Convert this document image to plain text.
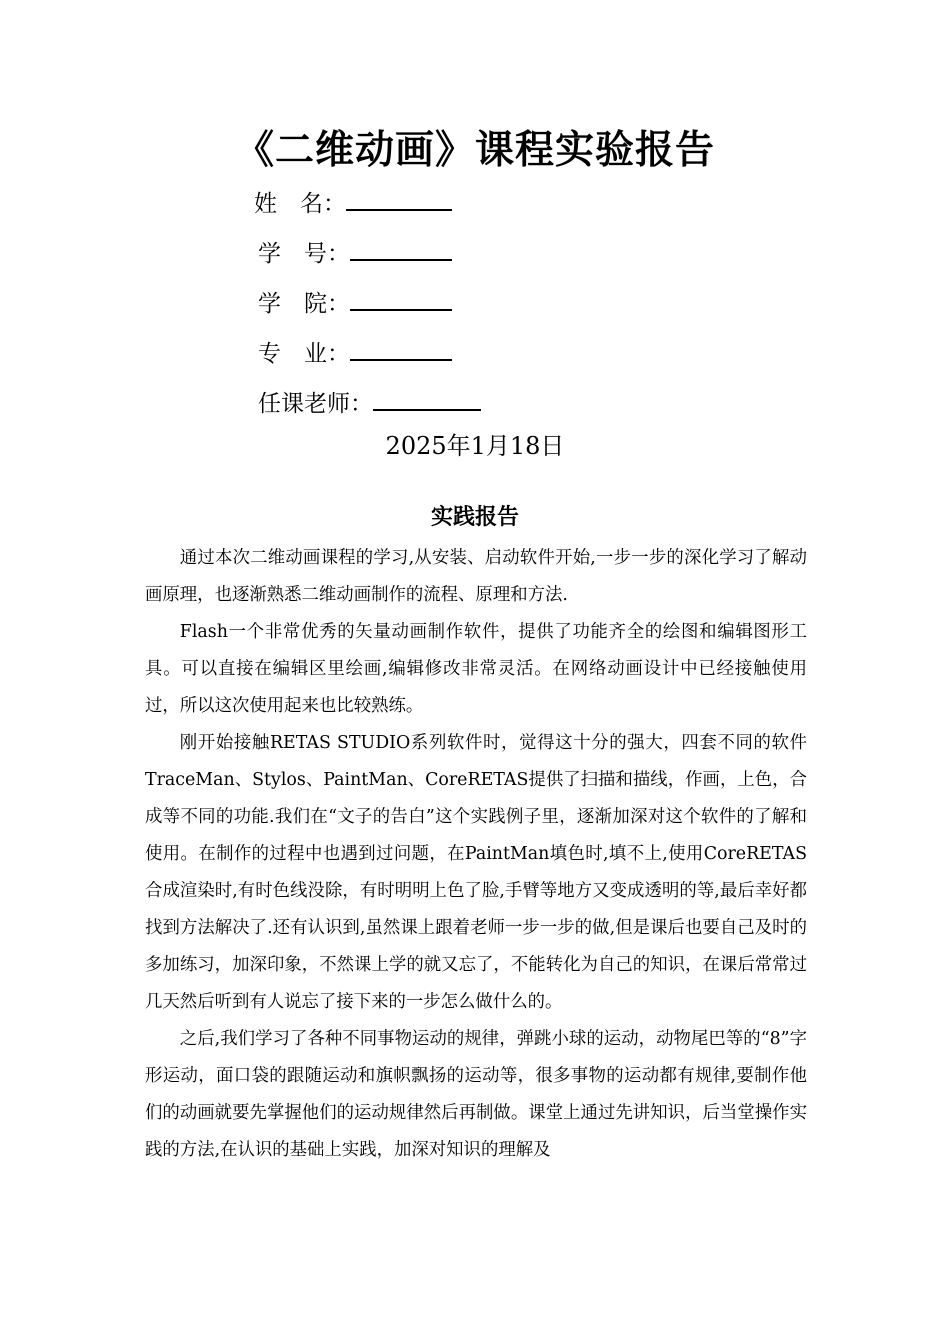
《二维动画》课程实验报告
姓　名：
学　号：
学　院：
专　业：
任课老师：
2025年1月18日
实践报告

通过本次二维动画课程的学习,从安装、启动软件开始,一步一步的深化学习了解动画原理，也逐渐熟悉二维动画制作的流程、原理和方法.

Flash一个非常优秀的矢量动画制作软件，提供了功能齐全的绘图和编辑图形工具。可以直接在编辑区里绘画,编辑修改非常灵活。在网络动画设计中已经接触使用过，所以这次使用起来也比较熟练。

刚开始接触RETAS STUDIO系列软件时，觉得这十分的强大，四套不同的软件TraceMan、Stylos、PaintMan、CoreRETAS提供了扫描和描线，作画，上色，合成等不同的功能.我们在“文子的告白”这个实践例子里，逐渐加深对这个软件的了解和使用。在制作的过程中也遇到过问题，在PaintMan填色时,填不上,使用CoreRETAS合成渲染时,有时色线没除，有时明明上色了脸,手臂等地方又变成透明的等,最后幸好都找到方法解决了.还有认识到,虽然课上跟着老师一步一步的做,但是课后也要自己及时的多加练习，加深印象，不然课上学的就又忘了，不能转化为自己的知识，在课后常常过几天然后听到有人说忘了接下来的一步怎么做什么的。

之后,我们学习了各种不同事物运动的规律，弹跳小球的运动，动物尾巴等的“8”字形运动，面口袋的跟随运动和旗帜飘扬的运动等，很多事物的运动都有规律,要制作他们的动画就要先掌握他们的运动规律然后再制做。课堂上通过先讲知识，后当堂操作实践的方法,在认识的基础上实践，加深对知识的理解及
